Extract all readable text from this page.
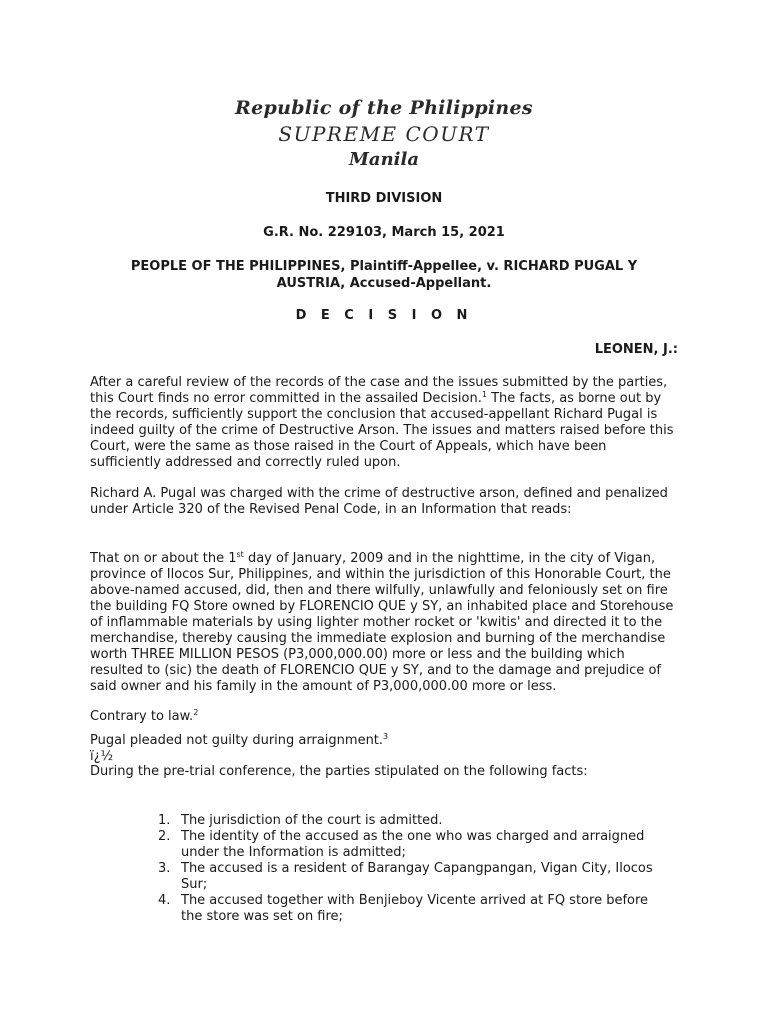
Republic of the Philippines
SUPREME COURT
Manila
THIRD DIVISION
G.R. No. 229103, March 15, 2021
PEOPLE OF THE PHILIPPINES, Plaintiff-Appellee, v. RICHARD PUGAL Y AUSTRIA, Accused-Appellant.
D E C I S I O N
LEONEN, J.:

After a careful review of the records of the case and the issues submitted by the parties, this Court finds no error committed in the assailed Decision.$^1$ The facts, as borne out by the records, sufficiently support the conclusion that accused-appellant Richard Pugal is indeed guilty of the crime of Destructive Arson. The issues and matters raised before this Court, were the same as those raised in the Court of Appeals, which have been sufficiently addressed and correctly ruled upon.

Richard A. Pugal was charged with the crime of destructive arson, defined and penalized under Article 320 of the Revised Penal Code, in an Information that reads:

That on or about the 1st day of January, 2009 and in the nighttime, in the city of Vigan, province of Ilocos Sur, Philippines, and within the jurisdiction of this Honorable Court, the above-named accused, did, then and there wilfully, unlawfully and feloniously set on fire the building FQ Store owned by FLORENCIO QUE y SY, an inhabited place and Storehouse of inflammable materials by using lighter mother rocket or 'kwitis' and directed it to the merchandise, thereby causing the immediate explosion and burning of the merchandise worth THREE MILLION PESOS (P3,000,000.00) more or less and the building which resulted to (sic) the death of FLORENCIO QUE y SY, and to the damage and prejudice of said owner and his family in the amount of P3,000,000.00 more or less.

Contrary to law.$^2$

Pugal pleaded not guilty during arraignment.$^3$

ï¿½

During the pre-trial conference, the parties stipulated on the following facts:

1. The jurisdiction of the court is admitted.
2. The identity of the accused as the one who was charged and arraigned under the Information is admitted;
3. The accused is a resident of Barangay Capangpangan, Vigan City, Ilocos Sur;
4. The accused together with Benjieboy Vicente arrived at FQ store before the store was set on fire;
